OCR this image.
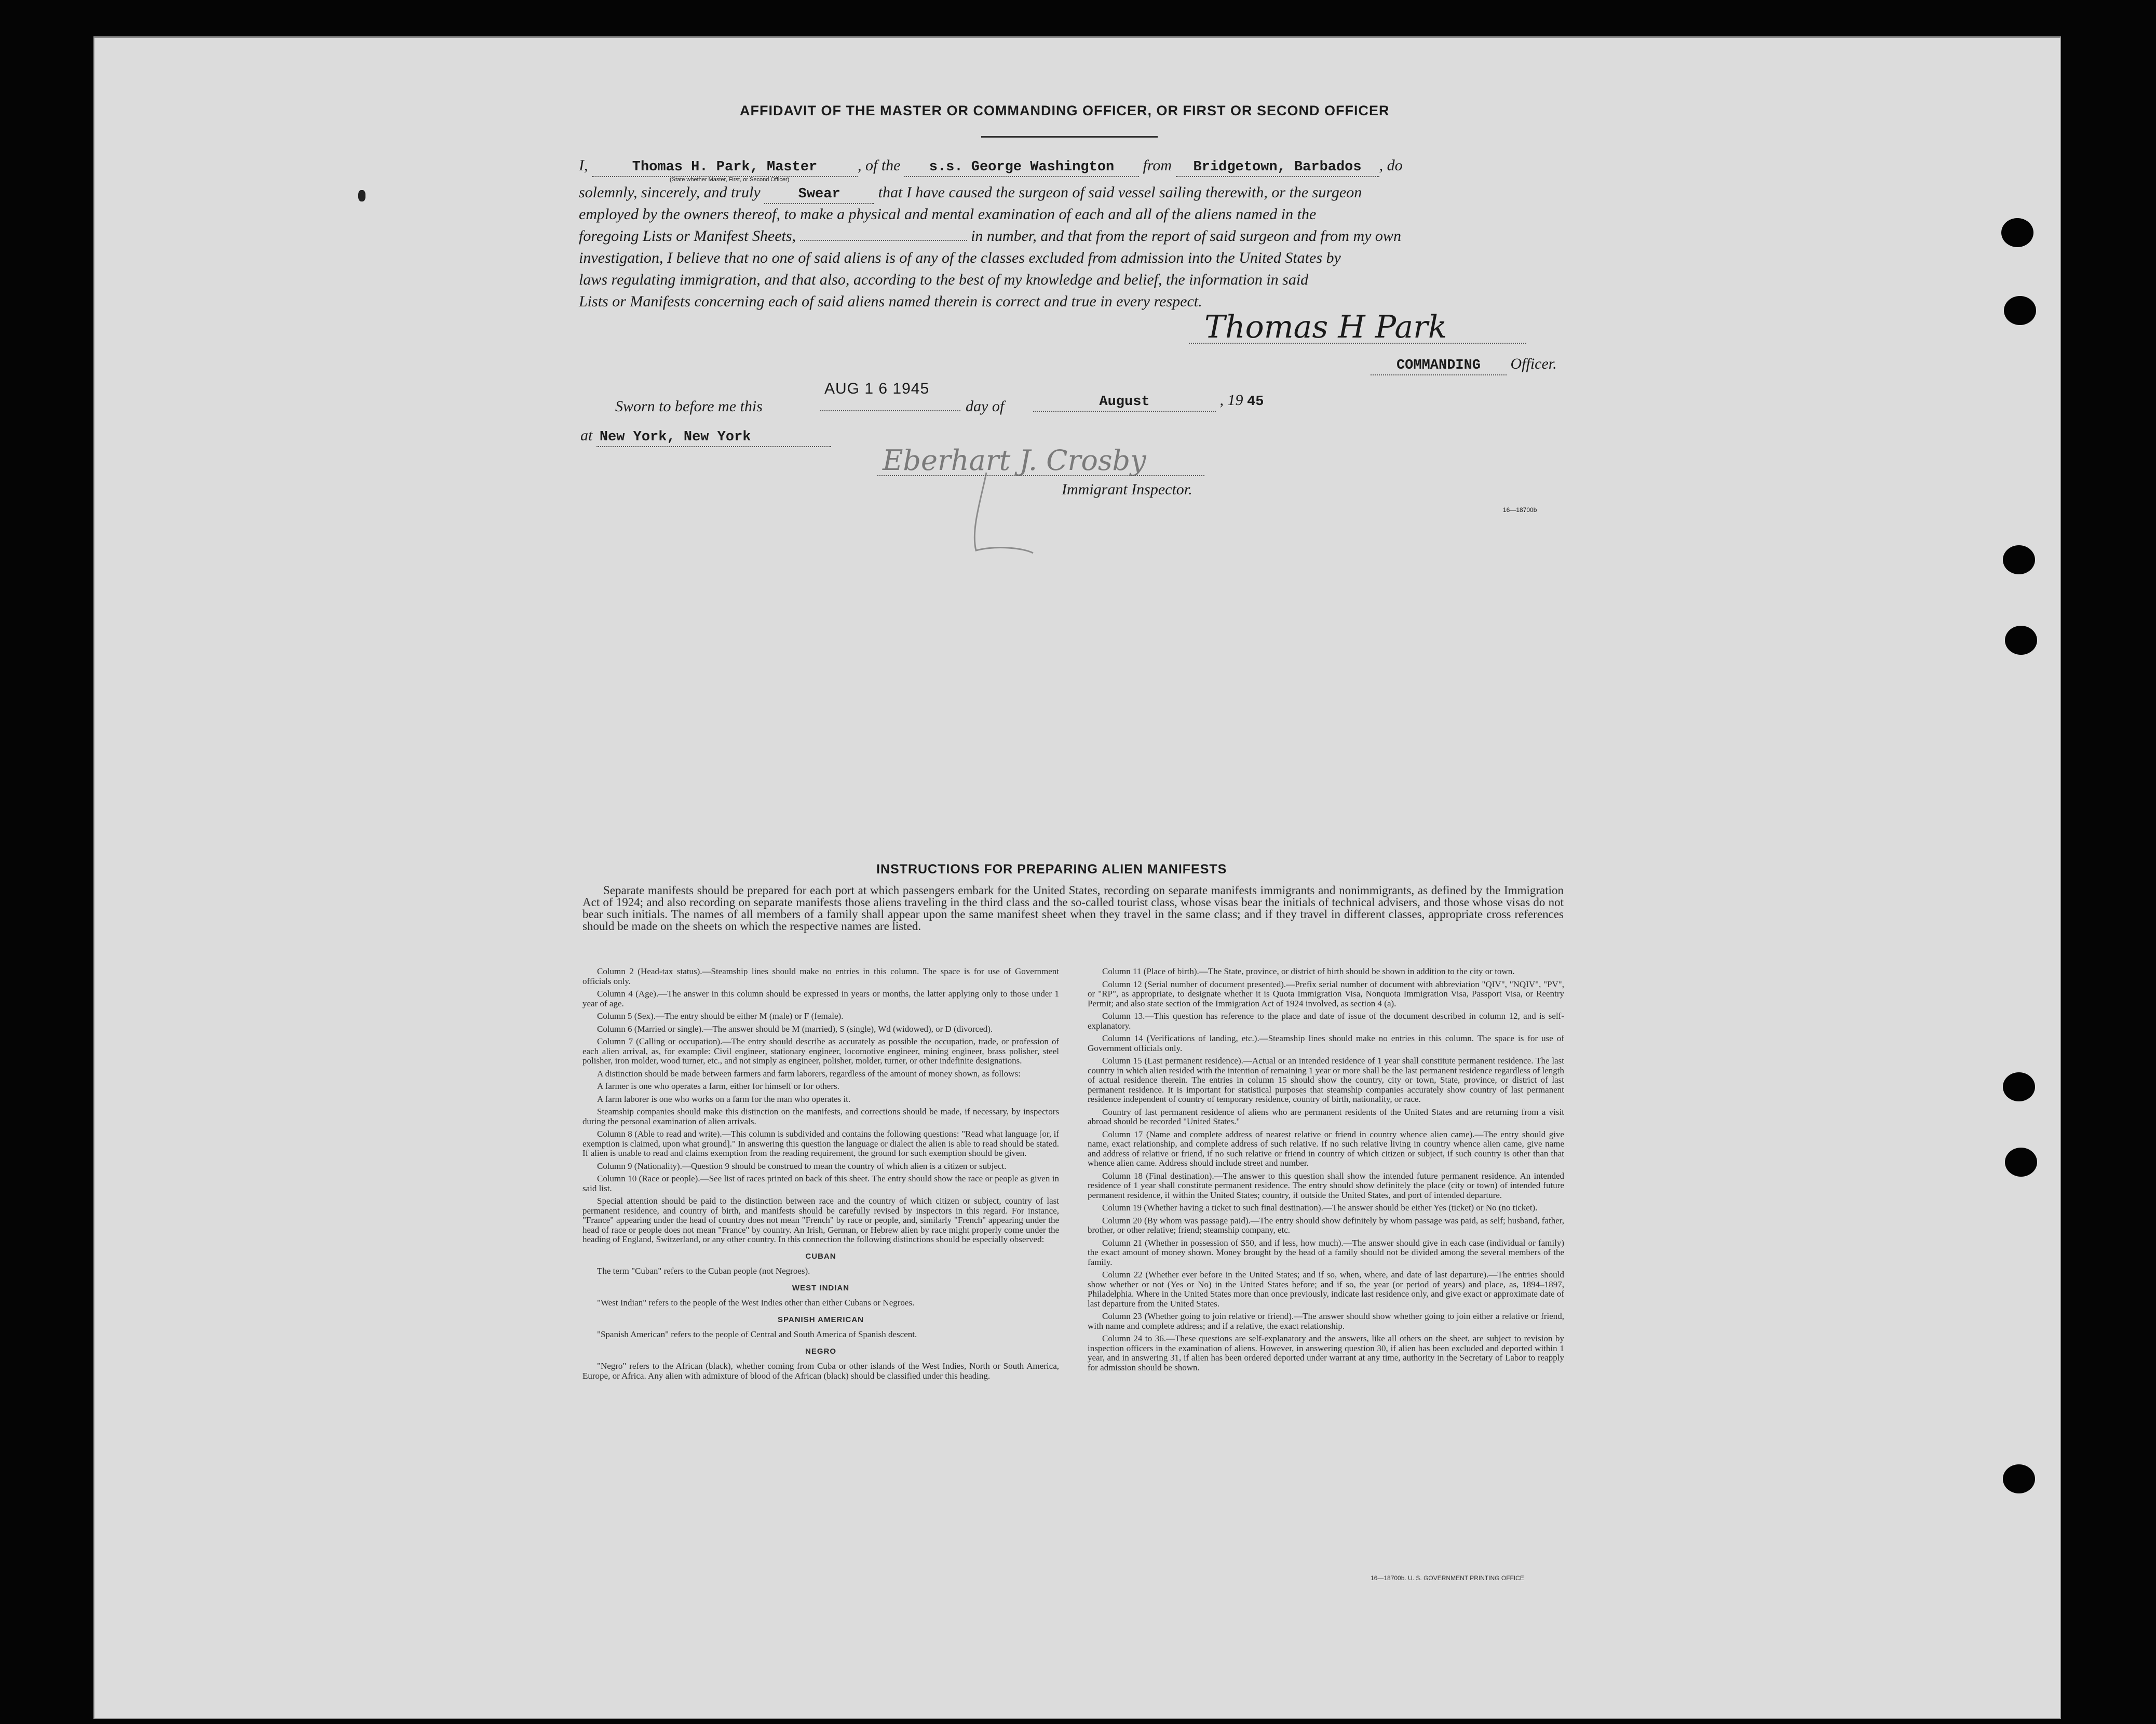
AFFIDAVIT OF THE MASTER OR COMMANDING OFFICER, OR FIRST OR SECOND OFFICER
I,	Thomas H. Park, Master	, of the s.s. George Washington from Bridgetown, Barbados , do
(State whether Master, First, or Second Officer)
solemnly, sincerely, and truly	Swear that I have caused the surgeon of said vessel sailing therewith, or the surgeon
employed by the owners thereof, to make a physical and mental examination of each and all of the aliens named in the
foregoing Lists or Manifest Sheets,	in number, and that from the report of said surgeon and from my own
investigation, I believe that no one of said aliens is of any of the classes excluded from admission into the United States by
laws regulating immigration, and that also, according to the best of my knowledge and belief, the information in said
Lists or Manifests concerning each of said aliens named therein is correct and true in every respect.
Thomas H Park
COMMANDING Officer.
Sworn to before me this
AUG 1 6 1945
day of	August	, 19 45
at New York, New York
Eberhart J. Crosby
Immigrant Inspector.
16—18700b
INSTRUCTIONS FOR PREPARING ALIEN MANIFESTS

Separate manifests should be prepared for each port at which passengers embark for the United States, recording on separate manifests immigrants and nonimmigrants, as defined by the Immigration Act of 1924; and also recording on separate manifests those aliens traveling in the third class and the so-called tourist class, whose visas bear the initials of technical advisers, and those whose visas do not bear such initials. The names of all members of a family shall appear upon the same manifest sheet when they travel in the same class; and if they travel in different classes, appropriate cross references should be made on the sheets on which the respective names are listed.

Column 2 (Head-tax status).—Steamship lines should make no entries in this column. The space is for use of Government officials only.

Column 4 (Age).—The answer in this column should be expressed in years or months, the latter applying only to those under 1 year of age.

Column 5 (Sex).—The entry should be either M (male) or F (female).

Column 6 (Married or single).—The answer should be M (married), S (single), Wd (widowed), or D (divorced).

Column 7 (Calling or occupation).—The entry should describe as accurately as possible the occupation, trade, or profession of each alien arrival, as, for example: Civil engineer, stationary engineer, locomotive engineer, mining engineer, brass polisher, steel polisher, iron molder, wood turner, etc., and not simply as engineer, polisher, molder, turner, or other indefinite designations.

A distinction should be made between farmers and farm laborers, regardless of the amount of money shown, as follows:

A farmer is one who operates a farm, either for himself or for others.

A farm laborer is one who works on a farm for the man who operates it.

Steamship companies should make this distinction on the manifests, and corrections should be made, if necessary, by inspectors during the personal examination of alien arrivals.

Column 8 (Able to read and write).—This column is subdivided and contains the following questions: "Read what language [or, if exemption is claimed, upon what ground]." In answering this question the language or dialect the alien is able to read should be stated. If alien is unable to read and claims exemption from the reading requirement, the ground for such exemption should be given.

Column 9 (Nationality).—Question 9 should be construed to mean the country of which alien is a citizen or subject.

Column 10 (Race or people).—See list of races printed on back of this sheet. The entry should show the race or people as given in said list.

Special attention should be paid to the distinction between race and the country of which citizen or subject, country of last permanent residence, and country of birth, and manifests should be carefully revised by inspectors in this regard. For instance, "France" appearing under the head of country does not mean "French" by race or people, and, similarly "French" appearing under the head of race or people does not mean "France" by country. An Irish, German, or Hebrew alien by race might properly come under the heading of England, Switzerland, or any other country. In this connection the following distinctions should be especially observed:

CUBAN

The term "Cuban" refers to the Cuban people (not Negroes).

WEST INDIAN

"West Indian" refers to the people of the West Indies other than either Cubans or Negroes.

SPANISH AMERICAN

"Spanish American" refers to the people of Central and South America of Spanish descent.

NEGRO

"Negro" refers to the African (black), whether coming from Cuba or other islands of the West Indies, North or South America, Europe, or Africa. Any alien with admixture of blood of the African (black) should be classified under this heading.

Column 11 (Place of birth).—The State, province, or district of birth should be shown in addition to the city or town.

Column 12 (Serial number of document presented).—Prefix serial number of document with abbreviation "QIV", "NQIV", "PV", or "RP", as appropriate, to designate whether it is Quota Immigration Visa, Nonquota Immigration Visa, Passport Visa, or Reentry Permit; and also state section of the Immigration Act of 1924 involved, as section 4 (a).

Column 13.—This question has reference to the place and date of issue of the document described in column 12, and is self-explanatory.

Column 14 (Verifications of landing, etc.).—Steamship lines should make no entries in this column. The space is for use of Government officials only.

Column 15 (Last permanent residence).—Actual or an intended residence of 1 year shall constitute permanent residence. The last country in which alien resided with the intention of remaining 1 year or more shall be the last permanent residence regardless of length of actual residence therein. The entries in column 15 should show the country, city or town, State, province, or district of last permanent residence. It is important for statistical purposes that steamship companies accurately show country of last permanent residence independent of country of temporary residence, country of birth, nationality, or race.

Country of last permanent residence of aliens who are permanent residents of the United States and are returning from a visit abroad should be recorded "United States."

Column 17 (Name and complete address of nearest relative or friend in country whence alien came).—The entry should give name, exact relationship, and complete address of such relative. If no such relative living in country whence alien came, give name and address of relative or friend, if no such relative or friend in country of which citizen or subject, if such country is other than that whence alien came. Address should include street and number.

Column 18 (Final destination).—The answer to this question shall show the intended future permanent residence. An intended residence of 1 year shall constitute permanent residence. The entry should show definitely the place (city or town) of intended future permanent residence, if within the United States; country, if outside the United States, and port of intended departure.

Column 19 (Whether having a ticket to such final destination).—The answer should be either Yes (ticket) or No (no ticket).

Column 20 (By whom was passage paid).—The entry should show definitely by whom passage was paid, as self; husband, father, brother, or other relative; friend; steamship company, etc.

Column 21 (Whether in possession of $50, and if less, how much).—The answer should give in each case (individual or family) the exact amount of money shown. Money brought by the head of a family should not be divided among the several members of the family.

Column 22 (Whether ever before in the United States; and if so, when, where, and date of last departure).—The entries should show whether or not (Yes or No) in the United States before; and if so, the year (or period of years) and place, as, 1894–1897, Philadelphia. Where in the United States more than once previously, indicate last residence only, and give exact or approximate date of last departure from the United States.

Column 23 (Whether going to join relative or friend).—The answer should show whether going to join either a relative or friend, with name and complete address; and if a relative, the exact relationship.

Column 24 to 36.—These questions are self-explanatory and the answers, like all others on the sheet, are subject to revision by inspection officers in the examination of aliens. However, in answering question 30, if alien has been excluded and deported within 1 year, and in answering 31, if alien has been ordered deported under warrant at any time, authority in the Secretary of Labor to reapply for admission should be shown.

16—18700b. U. S. GOVERNMENT PRINTING OFFICE
